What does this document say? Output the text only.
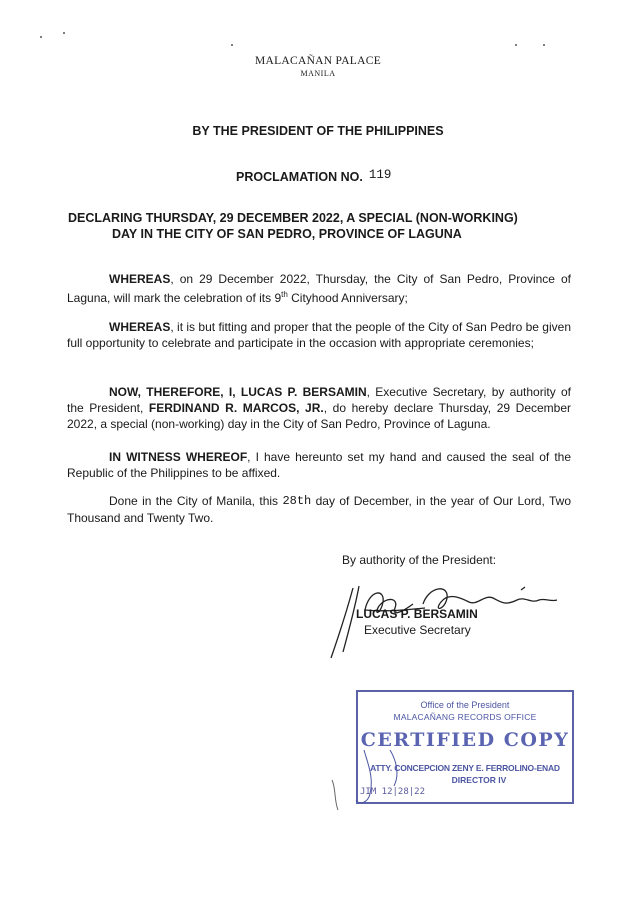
MALACAÑAN PALACE
MANILA
BY THE PRESIDENT OF THE PHILIPPINES
PROCLAMATION NO. 119
DECLARING THURSDAY, 29 DECEMBER 2022, A SPECIAL (NON-WORKING)
DAY IN THE CITY OF SAN PEDRO, PROVINCE OF LAGUNA

WHEREAS, on 29 December 2022, Thursday, the City of San Pedro, Province of Laguna, will mark the celebration of its 9th Cityhood Anniversary;

WHEREAS, it is but fitting and proper that the people of the City of San Pedro be given full opportunity to celebrate and participate in the occasion with appropriate ceremonies;

NOW, THEREFORE, I, LUCAS P. BERSAMIN, Executive Secretary, by authority of the President, FERDINAND R. MARCOS, JR., do hereby declare Thursday, 29 December 2022, a special (non-working) day in the City of San Pedro, Province of Laguna.

IN WITNESS WHEREOF, I have hereunto set my hand and caused the seal of the Republic of the Philippines to be affixed.

Done in the City of Manila, this 28th day of December, in the year of Our Lord, Two Thousand and Twenty Two.

By authority of the President:
LUCAS P. BERSAMIN
Executive Secretary
Office of the President
MALACAÑANG RECORDS OFFICE
CERTIFIED COPY
ATTY. CONCEPCION ZENY E. FERROLINO-ENAD
DIRECTOR IV
JIM 12|28|22
